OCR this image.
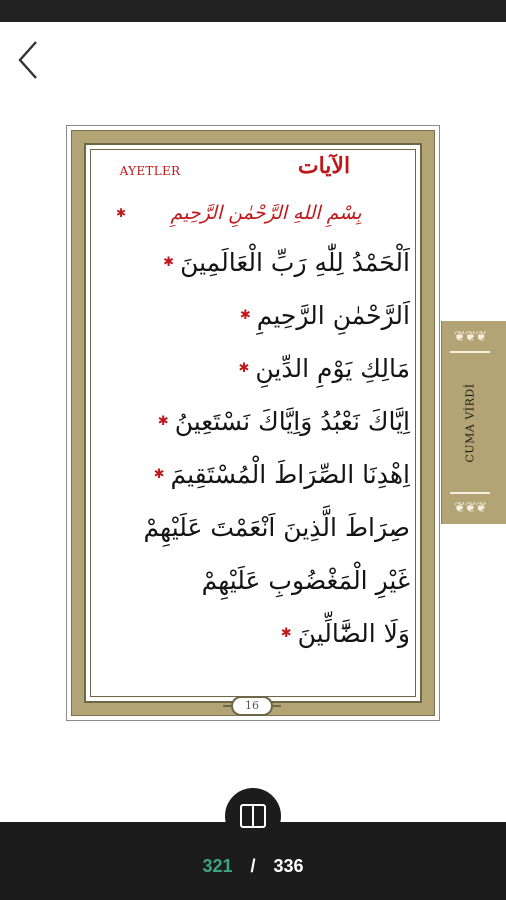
AYETLER	الآيات
✱	بِسْمِ اللهِ الرَّحْمٰنِ الرَّحِيمِ
✱ اَلْحَمْدُ لِلّٰهِ رَبِّ الْعَالَمِينَ
✱ اَلرَّحْمٰنِ الرَّحِيمِ
✱ مَالِكِ يَوْمِ الدِّينِ
✱ اِيَّاكَ نَعْبُدُ وَاِيَّاكَ نَسْتَعِينُ
✱ اِهْدِنَا الصِّرَاطَ الْمُسْتَقِيمَ
صِرَاطَ الَّذِينَ اَنْعَمْتَ عَلَيْهِمْ
غَيْرِ الْمَغْضُوبِ عَلَيْهِمْ
✱ وَلَا الضَّٓالِّينَ
16
❦❦❦
CUMA VİRDİ
❦❦❦
321 / 336
